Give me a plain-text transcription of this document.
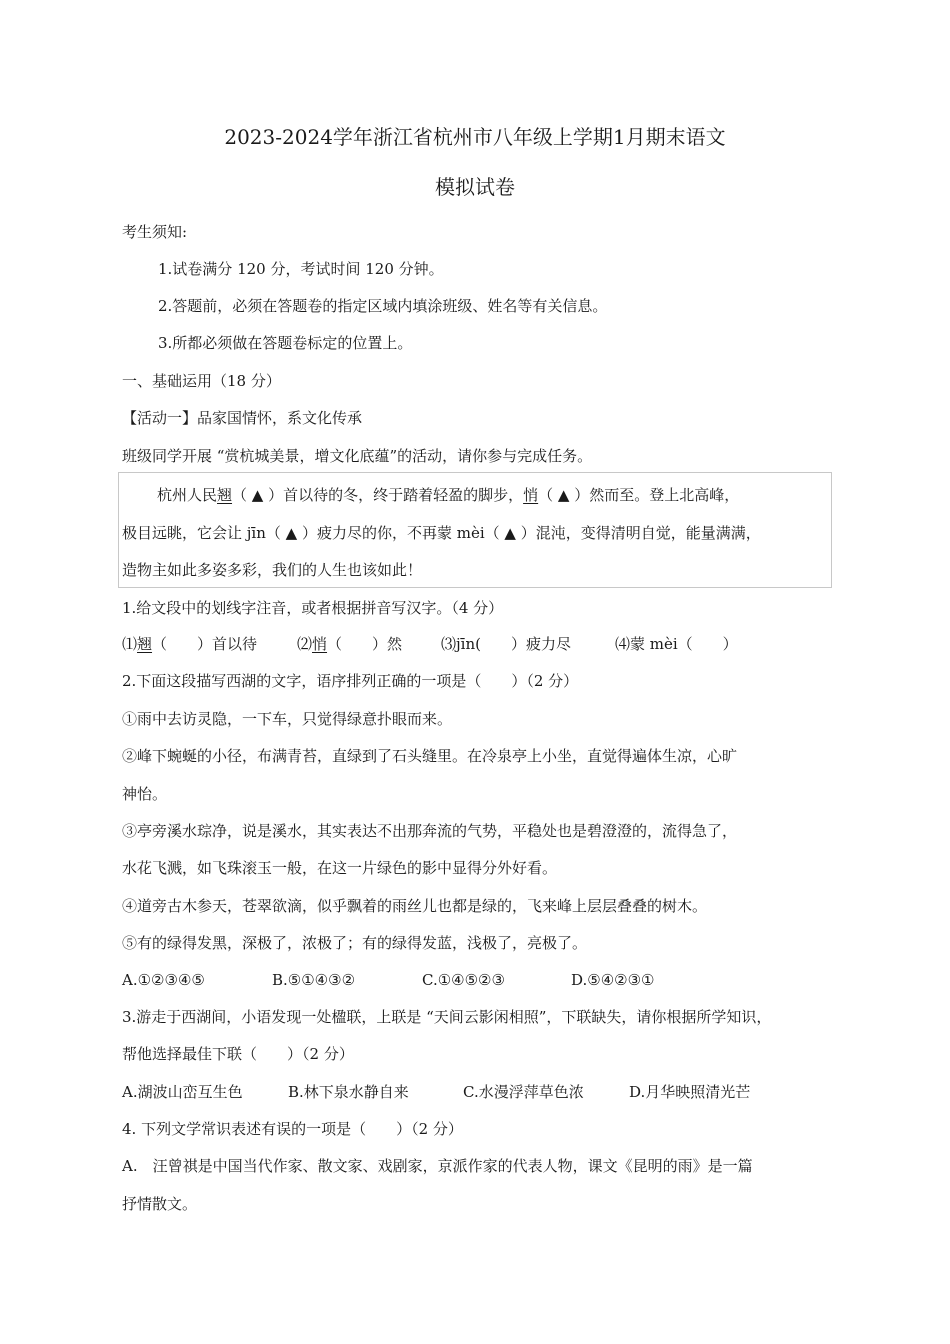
2023-2024学年浙江省杭州市八年级上学期1月期末语文
模拟试卷
考生须知:
1.试卷满分 120 分，考试时间 120 分钟。
2.答题前，必须在答题卷的指定区域内填涂班级、姓名等有关信息。
3.所都必须做在答题卷标定的位置上。
一、基础运用（18 分）
【活动一】品家国情怀，系文化传承
班级同学开展 “赏杭城美景，增文化底蕴”的活动，请你参与完成任务。
杭州人民翘（ ▲ ）首以待的冬，终于踏着轻盈的脚步，悄（ ▲ ）然而至。登上北高峰，
极目远眺，它会让 jīn（ ▲ ）疲力尽的你，不再蒙 mèi（ ▲ ）混沌，变得清明自觉，能量满满，
造物主如此多姿多彩，我们的人生也该如此！
1.给文段中的划线字注音，或者根据拼音写汉字。（4 分）
⑴翘（　　）首以待	⑵悄（　　）然	⑶jīn(　　）疲力尽	⑷蒙 mèi（　　）
2.下面这段描写西湖的文字，语序排列正确的一项是（　　）（2 分）
①雨中去访灵隐，一下车，只觉得绿意扑眼而来。
②峰下蜿蜒的小径，布满青苔，直绿到了石头缝里。在冷泉亭上小坐，直觉得遍体生凉，心旷
神怡。
③亭旁溪水琮净，说是溪水，其实表达不出那奔流的气势，平稳处也是碧澄澄的，流得急了，
水花飞溅，如飞珠滚玉一般，在这一片绿色的影中显得分外好看。
④道旁古木参天，苍翠欲滴，似乎飘着的雨丝儿也都是绿的，飞来峰上层层叠叠的树木。
⑤有的绿得发黑，深极了，浓极了；有的绿得发蓝，浅极了，亮极了。
A.①②③④⑤	B.⑤①④③②	C.①④⑤②③	D.⑤④②③①
3.游走于西湖间，小语发现一处楹联，上联是 “天间云影闲相照”，下联缺失，请你根据所学知识，
帮他选择最佳下联（　　）（2 分）
A.湖波山峦互生色	B.林下泉水静自来	C.水漫浮萍草色浓	D.月华映照清光芒
4. 下列文学常识表述有误的一项是（　　）（2 分）
A.　汪曾祺是中国当代作家、散文家、戏剧家，京派作家的代表人物，课文《昆明的雨》是一篇
抒情散文。
